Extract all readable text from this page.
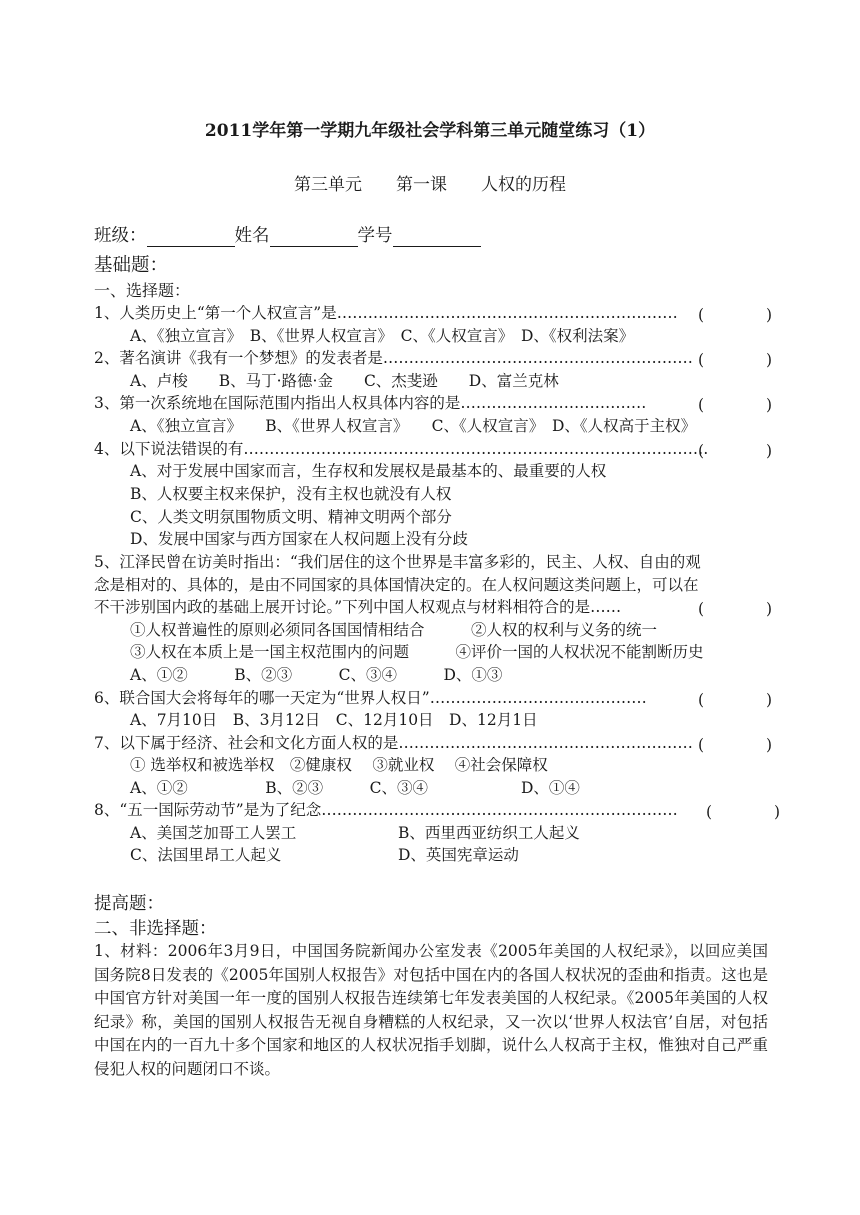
2011学年第一学期九年级社会学科第三单元随堂练习（1）
第三单元　　第一课　　人权的历程
班级：	姓名	学号
基础题：
一、选择题：
1、人类历史上“第一个人权宣言”是………………………………………………………… (　　　　)
A、《独立宣言》　B、《世界人权宣言》　C、《人权宣言》　D、《权利法案》
2、著名演讲《我有一个梦想》的发表者是…………………………………………………… (　　　　)
A、卢梭　　B、马丁·路德·金　　C、杰斐逊　　D、富兰克林
3、第一次系统地在国际范围内指出人权具体内容的是………………………………	(　　　　)
A、《独立宣言》　　B、《世界人权宣言》　　C、《人权宣言》　D、《人权高于主权》
4、以下说法错误的有………………………………………………………………………………
(　　　　)
A、对于发展中国家而言，生存权和发展权是最基本的、最重要的人权
B、人权要主权来保护，没有主权也就没有人权
C、人类文明氛围物质文明、精神文明两个部分
D、发展中国家与西方国家在人权问题上没有分歧
5、江泽民曾在访美时指出：“我们居住的这个世界是丰富多彩的，民主、人权、自由的观
念是相对的、具体的，是由不同国家的具体国情决定的。在人权问题这类问题上，可以在
不干涉别国内政的基础上展开讨论。”下列中国人权观点与材料相符合的是……	(　　　　)
①人权普遍性的原则必须同各国国情相结合　　　②人权的权利与义务的统一
③人权在本质上是一国主权范围内的问题　　　④评价一国的人权状况不能割断历史
A、①②　　　B、②③　　　C、③④　　　D、①③
6、联合国大会将每年的哪一天定为“世界人权日”……………………………………	(　　　　)
A、7月10日　B、3月12日　C、12月10日　D、12月1日
7、以下属于经济、社会和文化方面人权的是………………………………………………… (　　　　)
① 选举权和被选举权　②健康权　 ③就业权　 ④社会保障权
A、①②　　　　　B、②③　　　C、③④　　　　　　D、①④
8、“五一国际劳动节”是为了纪念…………………………………………………………… (　　　　)
A、美国芝加哥工人罢工	B、西里西亚纺织工人起义
C、法国里昂工人起义	D、英国宪章运动
提高题：
二、非选择题：
1、材料：2006年3月9日，中国国务院新闻办公室发表《2005年美国的人权纪录》，以回应美国国务院8日发表的《2005年国别人权报告》对包括中国在内的各国人权状况的歪曲和指责。这也是中国官方针对美国一年一度的国别人权报告连续第七年发表美国的人权纪录。《2005年美国的人权纪录》称，美国的国别人权报告无视自身糟糕的人权纪录，又一次以‘世界人权法官’自居，对包括中国在内的一百九十多个国家和地区的人权状况指手划脚，说什么人权高于主权，惟独对自己严重侵犯人权的问题闭口不谈。
